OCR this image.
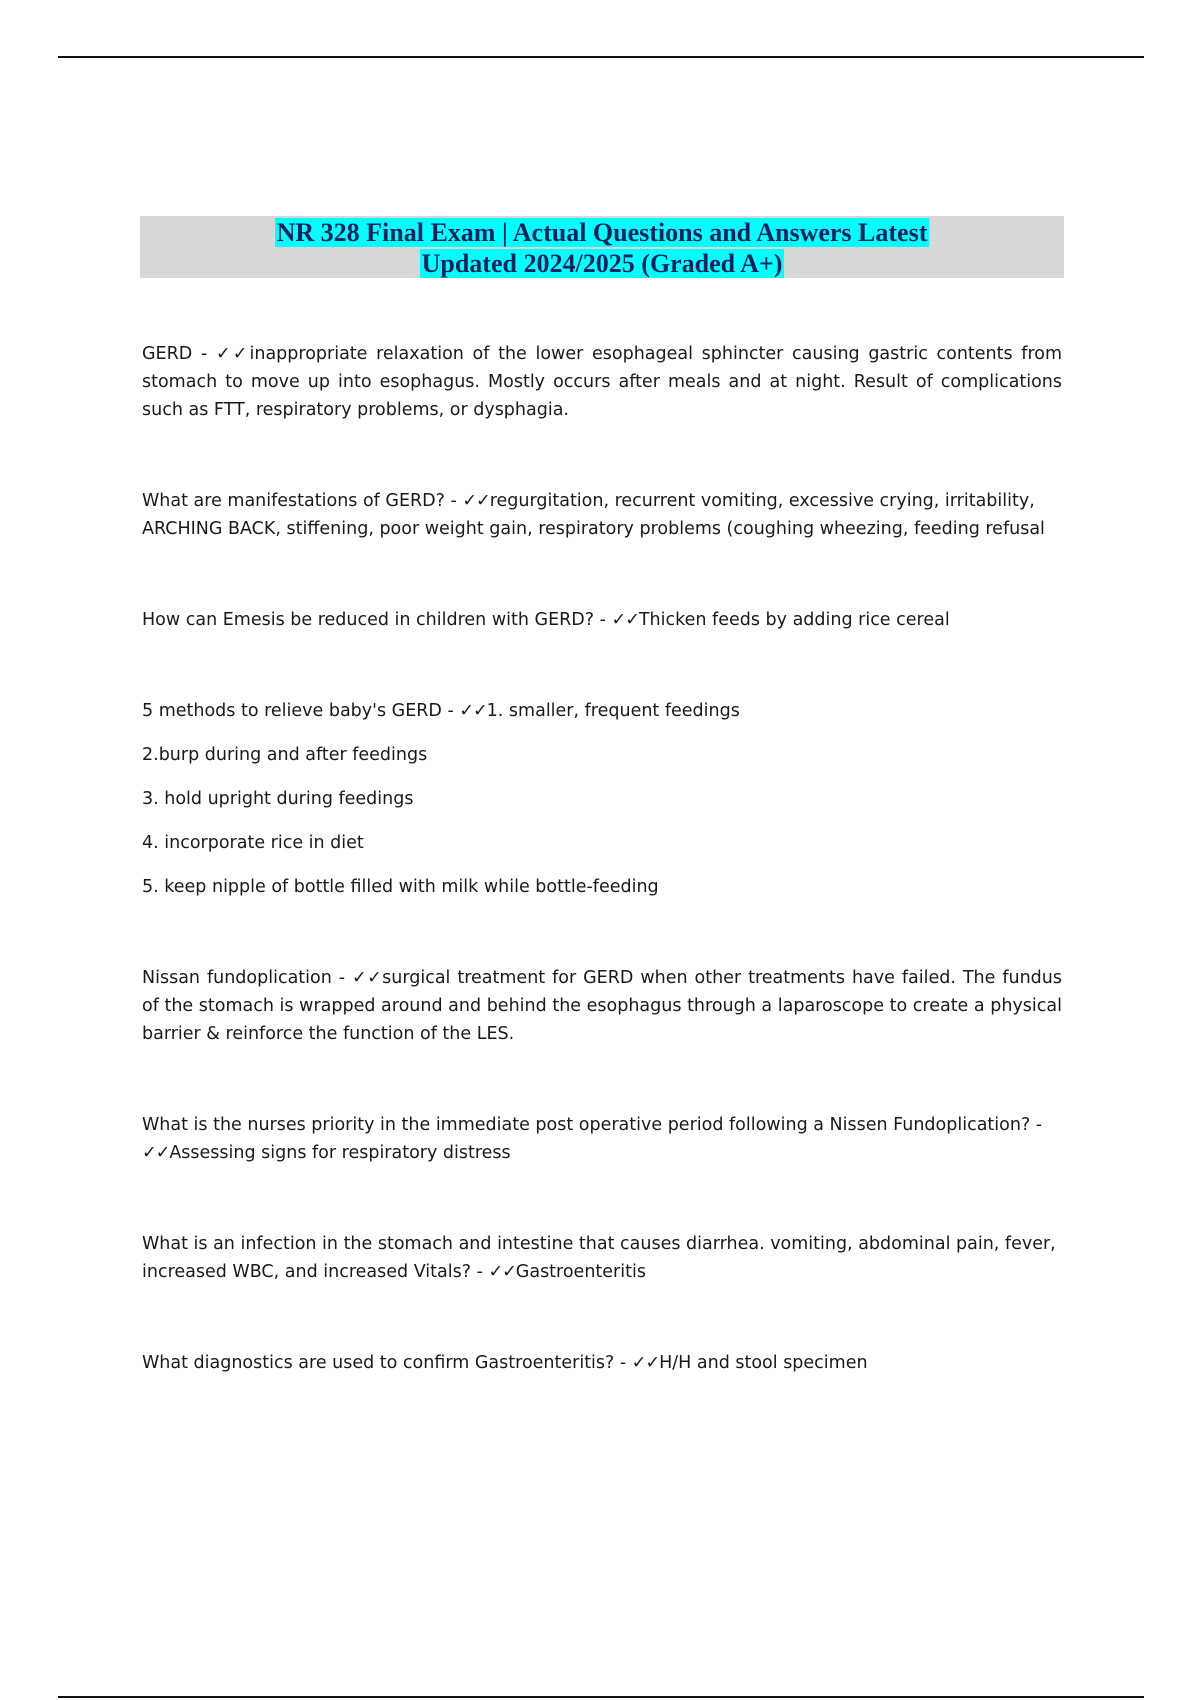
NR 328 Final Exam | Actual Questions and Answers Latest
Updated 2024/2025 (Graded A+)

GERD - ✓✓inappropriate relaxation of the lower esophageal sphincter causing gastric contents from stomach to move up into esophagus. Mostly occurs after meals and at night. Result of complications such as FTT, respiratory problems, or dysphagia.

What are manifestations of GERD? - ✓✓regurgitation, recurrent vomiting, excessive crying, irritability, ARCHING BACK, stiffening, poor weight gain, respiratory problems (coughing wheezing, feeding refusal

How can Emesis be reduced in children with GERD? - ✓✓Thicken feeds by adding rice cereal

5 methods to relieve baby's GERD - ✓✓1. smaller, frequent feedings

2.burp during and after feedings

3. hold upright during feedings

4. incorporate rice in diet

5. keep nipple of bottle filled with milk while bottle-feeding

Nissan fundoplication - ✓✓surgical treatment for GERD when other treatments have failed. The fundus of the stomach is wrapped around and behind the esophagus through a laparoscope to create a physical barrier & reinforce the function of the LES.

What is the nurses priority in the immediate post operative period following a Nissen Fundoplication? - ✓✓Assessing signs for respiratory distress

What is an infection in the stomach and intestine that causes diarrhea. vomiting, abdominal pain, fever, increased WBC, and increased Vitals? - ✓✓Gastroenteritis

What diagnostics are used to confirm Gastroenteritis? - ✓✓H/H and stool specimen
